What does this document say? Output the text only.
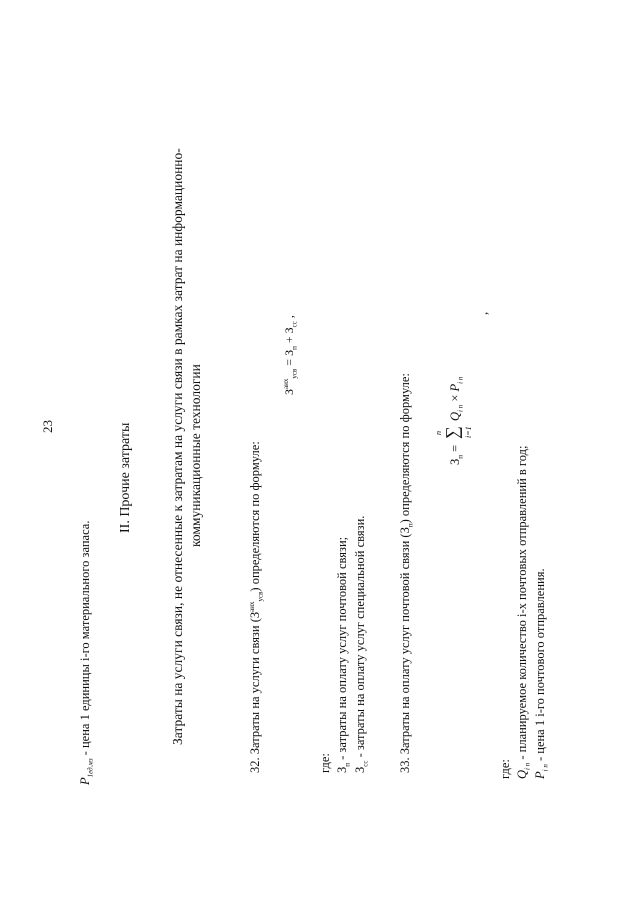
23
$P_{1ед.мз}$ - цена 1 единицы i-го материального запаса.
II. Прочие затраты	Затраты на услуги связи, не отнесенные к затратам на услуги связи в рамках затрат на информационно- коммуникационные технологии
32. Затраты на услуги связи $(З^{аих}_{усв})$ определяются по формуле:
$З^{аих}_{усв} = З_п + З_{сс}$ ,
где: $З_п$ - затраты на оплату услуг почтовой связи;
$З_{сс}$ - затраты на оплату услуг специальной связи. 33. Затраты на оплату услуг почтовой связи $(З_п)$ определяются по формуле:	$З_п$ =
n ∑ i=1
$Q_{i п} \times P_{i п}$
,
где: $Q_{i п}$ - планируемое количество i-х почтовых отправлений в год;
$P_{i п}$ - цена 1 i-го почтового отправления.
